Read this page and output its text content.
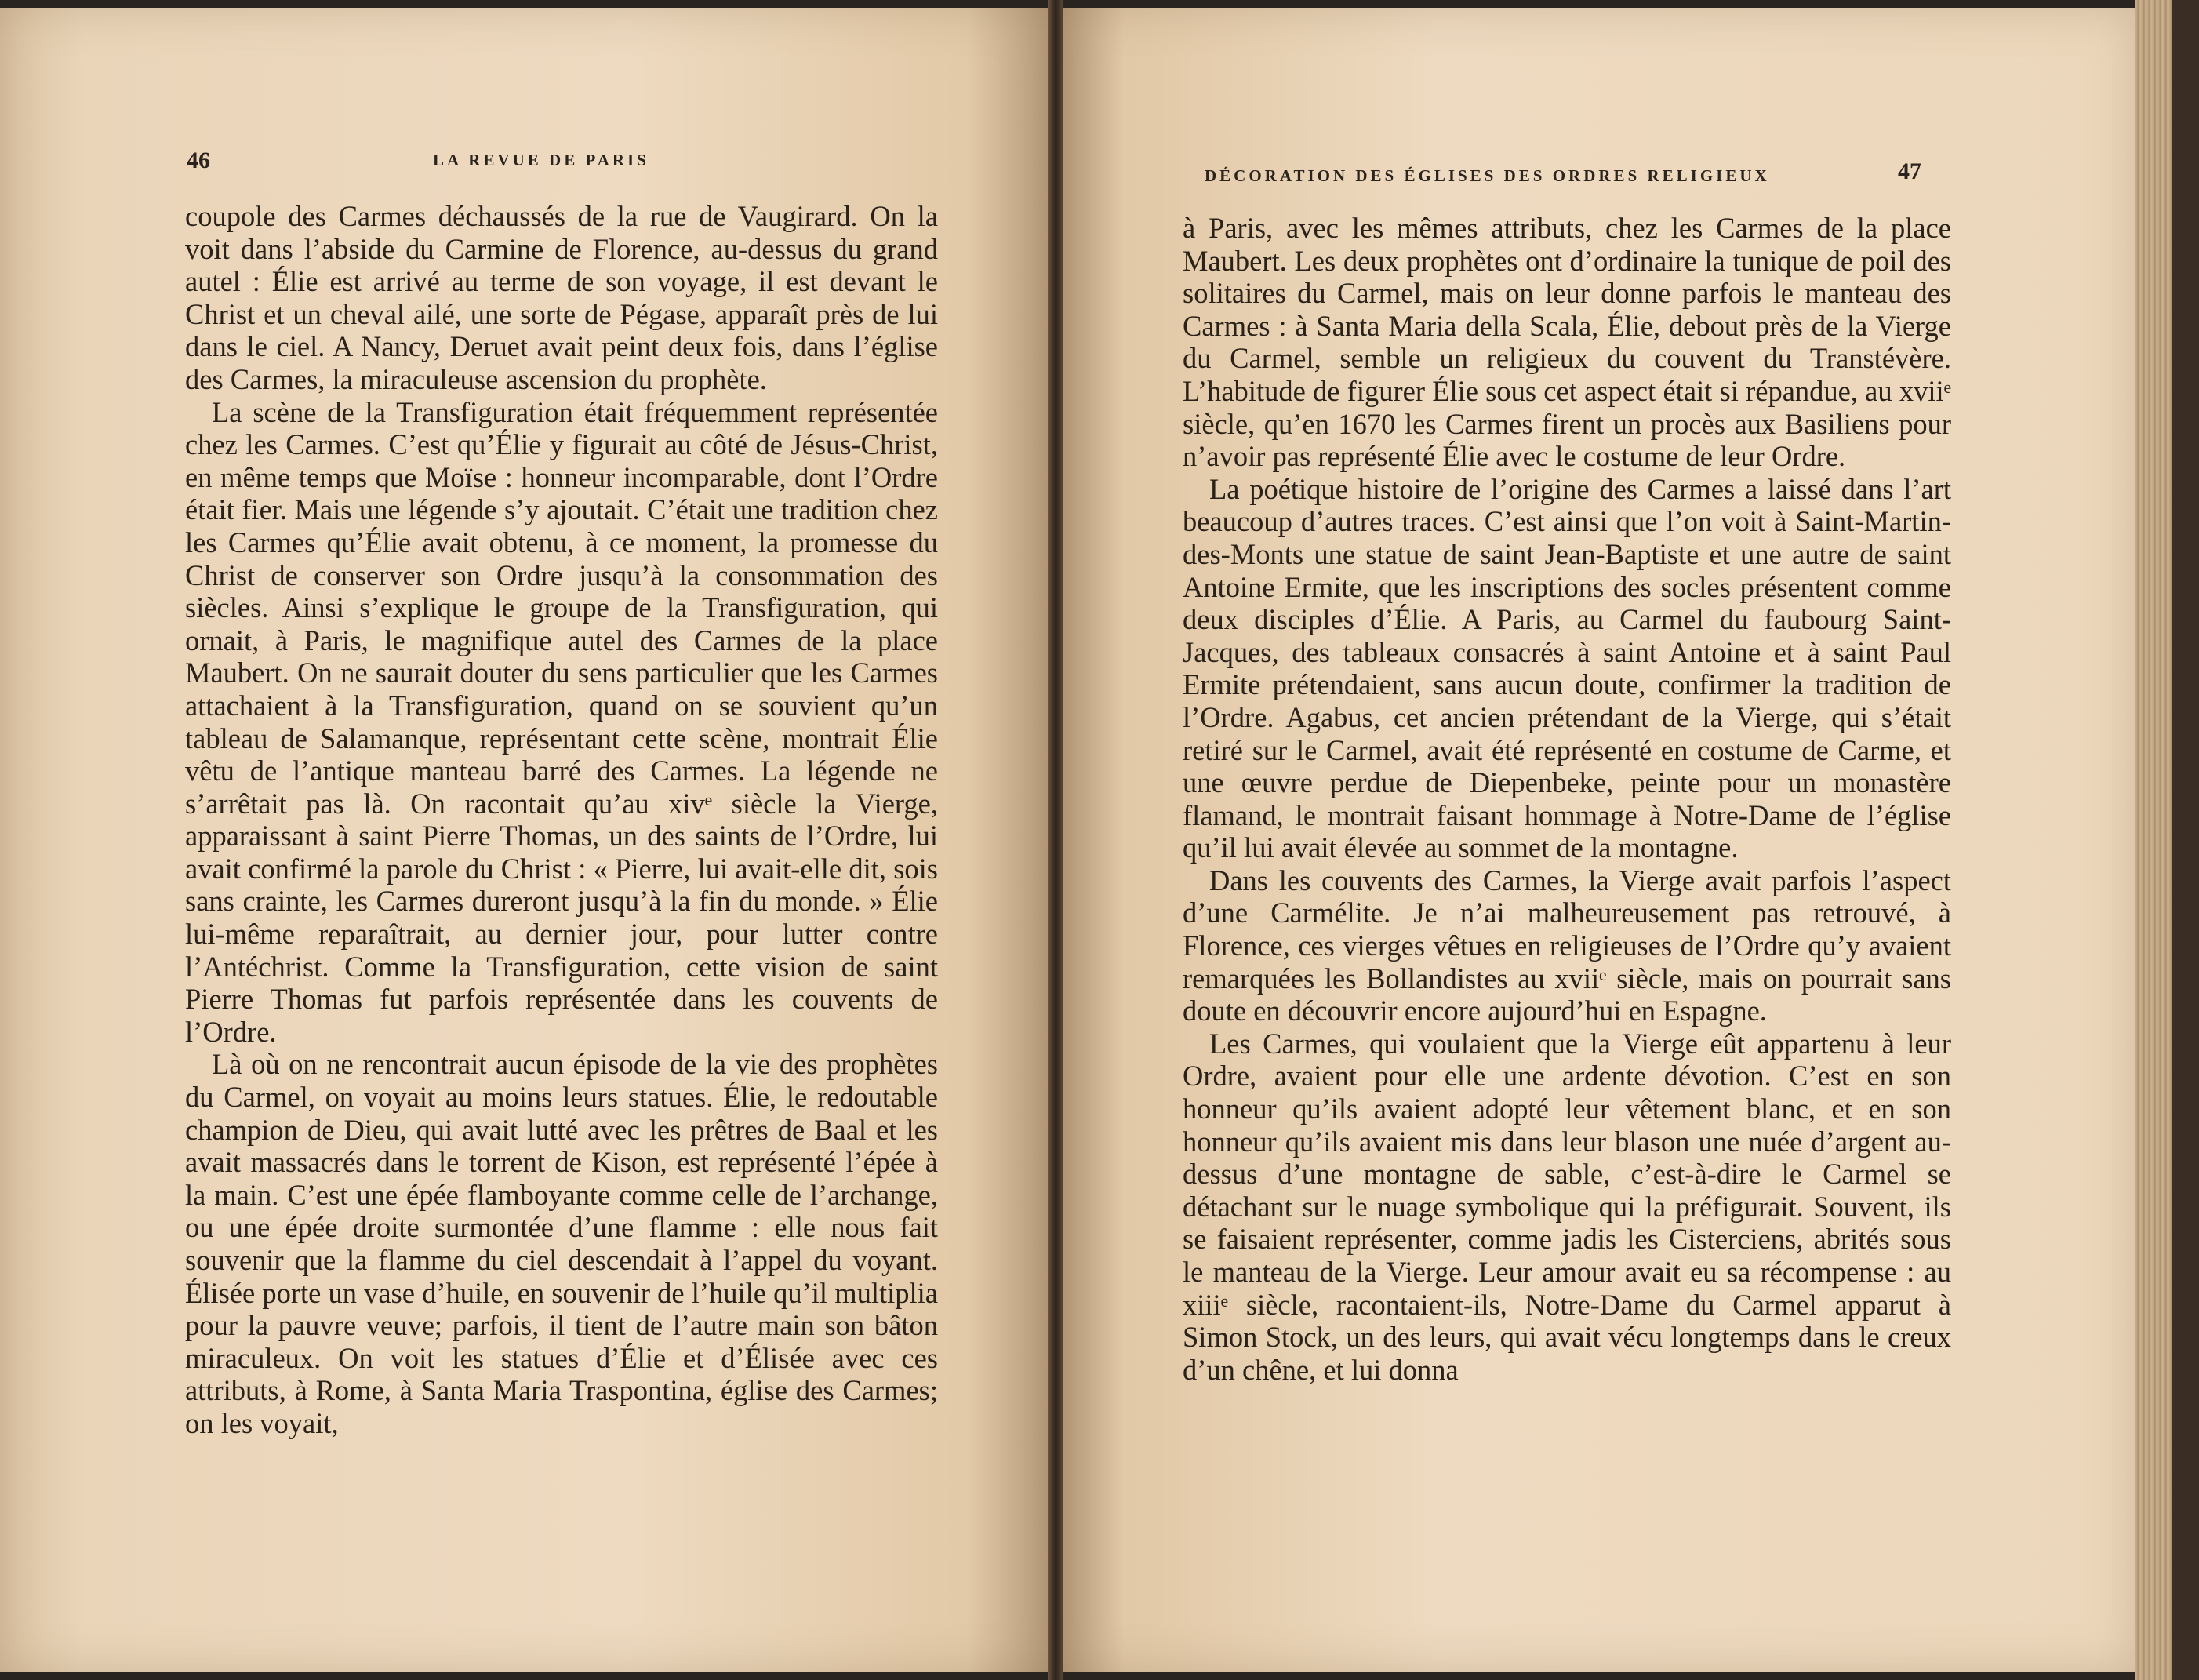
46	LA REVUE DE PARIS
DÉCORATION DES ÉGLISES DES ORDRES RELIGIEUX	47

coupole des Carmes déchaussés de la rue de Vaugirard. On la voit dans l’abside du Carmine de Florence, au-dessus du grand autel : Élie est arrivé au terme de son voyage, il est devant le Christ et un cheval ailé, une sorte de Pégase, apparaît près de lui dans le ciel. A Nancy, Deruet avait peint deux fois, dans l’église des Carmes, la miraculeuse ascension du prophète.

La scène de la Transfiguration était fréquemment représentée chez les Carmes. C’est qu’Élie y figurait au côté de Jésus-Christ, en même temps que Moïse : honneur incomparable, dont l’Ordre était fier. Mais une légende s’y ajoutait. C’était une tradition chez les Carmes qu’Élie avait obtenu, à ce moment, la promesse du Christ de conserver son Ordre jusqu’à la consommation des siècles. Ainsi s’explique le groupe de la Transfiguration, qui ornait, à Paris, le magnifique autel des Carmes de la place Maubert. On ne saurait douter du sens particulier que les Carmes attachaient à la Transfiguration, quand on se souvient qu’un tableau de Salamanque, représentant cette scène, montrait Élie vêtu de l’antique manteau barré des Carmes. La légende ne s’arrêtait pas là. On racontait qu’au xivᵉ siècle la Vierge, apparaissant à saint Pierre Thomas, un des saints de l’Ordre, lui avait confirmé la parole du Christ : « Pierre, lui avait-elle dit, sois sans crainte, les Carmes dureront jusqu’à la fin du monde. » Élie lui-même reparaîtrait, au dernier jour, pour lutter contre l’Antéchrist. Comme la Transfiguration, cette vision de saint Pierre Thomas fut parfois représentée dans les couvents de l’Ordre.

Là où on ne rencontrait aucun épisode de la vie des prophètes du Carmel, on voyait au moins leurs statues. Élie, le redoutable champion de Dieu, qui avait lutté avec les prêtres de Baal et les avait massacrés dans le torrent de Kison, est représenté l’épée à la main. C’est une épée flamboyante comme celle de l’archange, ou une épée droite surmontée d’une flamme : elle nous fait souvenir que la flamme du ciel descendait à l’appel du voyant. Élisée porte un vase d’huile, en souvenir de l’huile qu’il multiplia pour la pauvre veuve; parfois, il tient de l’autre main son bâton miraculeux. On voit les statues d’Élie et d’Élisée avec ces attributs, à Rome, à Santa Maria Traspontina, église des Carmes; on les voyait,

à Paris, avec les mêmes attributs, chez les Carmes de la place Maubert. Les deux prophètes ont d’ordinaire la tunique de poil des solitaires du Carmel, mais on leur donne parfois le manteau des Carmes : à Santa Maria della Scala, Élie, debout près de la Vierge du Carmel, semble un religieux du couvent du Transtévère. L’habitude de figurer Élie sous cet aspect était si répandue, au xviiᵉ siècle, qu’en 1670 les Carmes firent un procès aux Basiliens pour n’avoir pas représenté Élie avec le costume de leur Ordre.

La poétique histoire de l’origine des Carmes a laissé dans l’art beaucoup d’autres traces. C’est ainsi que l’on voit à Saint-Martin-des-Monts une statue de saint Jean-Baptiste et une autre de saint Antoine Ermite, que les inscriptions des socles présentent comme deux disciples d’Élie. A Paris, au Carmel du faubourg Saint-Jacques, des tableaux consacrés à saint Antoine et à saint Paul Ermite prétendaient, sans aucun doute, confirmer la tradition de l’Ordre. Agabus, cet ancien prétendant de la Vierge, qui s’était retiré sur le Carmel, avait été représenté en costume de Carme, et une œuvre perdue de Diepenbeke, peinte pour un monastère flamand, le montrait faisant hommage à Notre-Dame de l’église qu’il lui avait élevée au sommet de la montagne.

Dans les couvents des Carmes, la Vierge avait parfois l’aspect d’une Carmélite. Je n’ai malheureusement pas retrouvé, à Florence, ces vierges vêtues en religieuses de l’Ordre qu’y avaient remarquées les Bollandistes au xviiᵉ siècle, mais on pourrait sans doute en découvrir encore aujourd’hui en Espagne.

Les Carmes, qui voulaient que la Vierge eût appartenu à leur Ordre, avaient pour elle une ardente dévotion. C’est en son honneur qu’ils avaient adopté leur vêtement blanc, et en son honneur qu’ils avaient mis dans leur blason une nuée d’argent au-dessus d’une montagne de sable, c’est-à-dire le Carmel se détachant sur le nuage symbolique qui la préfigurait. Souvent, ils se faisaient représenter, comme jadis les Cisterciens, abrités sous le manteau de la Vierge. Leur amour avait eu sa récompense : au xiiiᵉ siècle, racontaient-ils, Notre-Dame du Carmel apparut à Simon Stock, un des leurs, qui avait vécu longtemps dans le creux d’un chêne, et lui donna
